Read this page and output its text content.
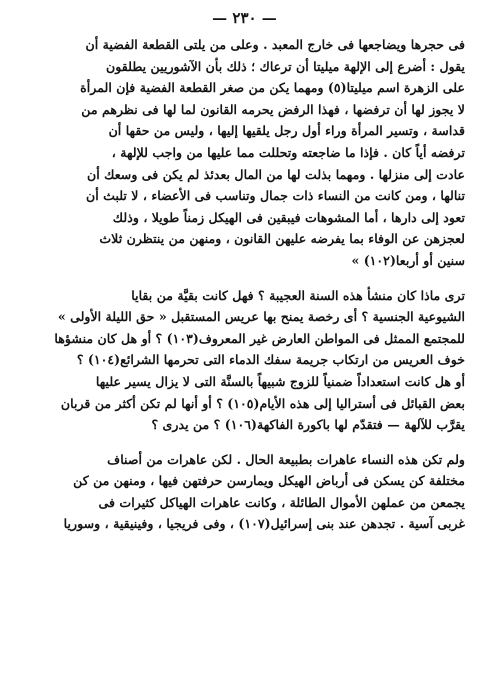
— ٢٣٠ —

فى حجرها ويضاجعها فى خارج المعبد . وعلى من يلتى القطعة الفضية أن
يقول : أضرع إلى الإلهة ميليتا أن ترعاك ؛ ذلك بأن الآشوريين يطلقون
على الزهرة اسم ميليتا(٥) ومهما يكن من صغر القطعة الفضية فإن المرأة
لا يجوز لها أن ترفضها ، فهذا الرفض يحرمه القانون لما لها فى نظرهم من
قداسة ، وتسير المرأة وراء أول رجل يلقيها إليها ، وليس من حقها أن
ترفضه أياً كان . فإذا ما ضاجعته وتحللت مما عليها من واجب للإلهة ،
عادت إلى منزلها . ومهما بذلت لها من المال بعدئذ لم يكن فى وسعك أن
تنالها ، ومن كانت من النساء ذات جمال وتناسب فى الأعضاء ، لا تلبث أن
تعود إلى دارها ، أما المشوهات فيبقين فى الهيكل زمناً طويلا ، وذلك
لعجزهن عن الوفاء بما يفرضه عليهن القانون ، ومنهن من ينتظرن ثلاث
سنين أو أربعا(١٠٢) »

ترى ماذا كان منشأ هذه السنة العجيبة ؟ فهل كانت بقيَّة من بقايا
الشيوعية الجنسية ؟ أى رخصة يمنح بها عريس المستقبل « حق الليلة الأولى »
للمجتمع الممثل فى المواطن العارض غير المعروف(١٠٣) ؟ أو هل كان منشؤها
خوف العريس من ارتكاب جريمة سفك الدماء التى تحرمها الشرائع(١٠٤) ؟
أو هل كانت استعداداً ضمنياً للزوج شبيهاً بالسنَّة التى لا يزال يسير عليها
بعض القبائل فى أستراليا إلى هذه الأيام(١٠٥) ؟ أو أنها لم تكن أكثر من قربان
يقرَّب للآلهة — فتقدّم لها باكورة الفاكهة(١٠٦) ؟ من يدرى ؟

ولم تكن هذه النساء عاهرات بطبيعة الحال . لكن عاهرات من أصناف
مختلفة كن يسكن فى أرباض الهيكل ويمارسن حرفتهن فيها ، ومنهن من كن
يجمعن من عملهن الأموال الطائلة ، وكانت عاهرات الهياكل كثيرات فى
غربى آسية . تجدهن عند بنى إسرائيل(١٠٧) ، وفى فريجيا ، وفينيقية ، وسوريا
